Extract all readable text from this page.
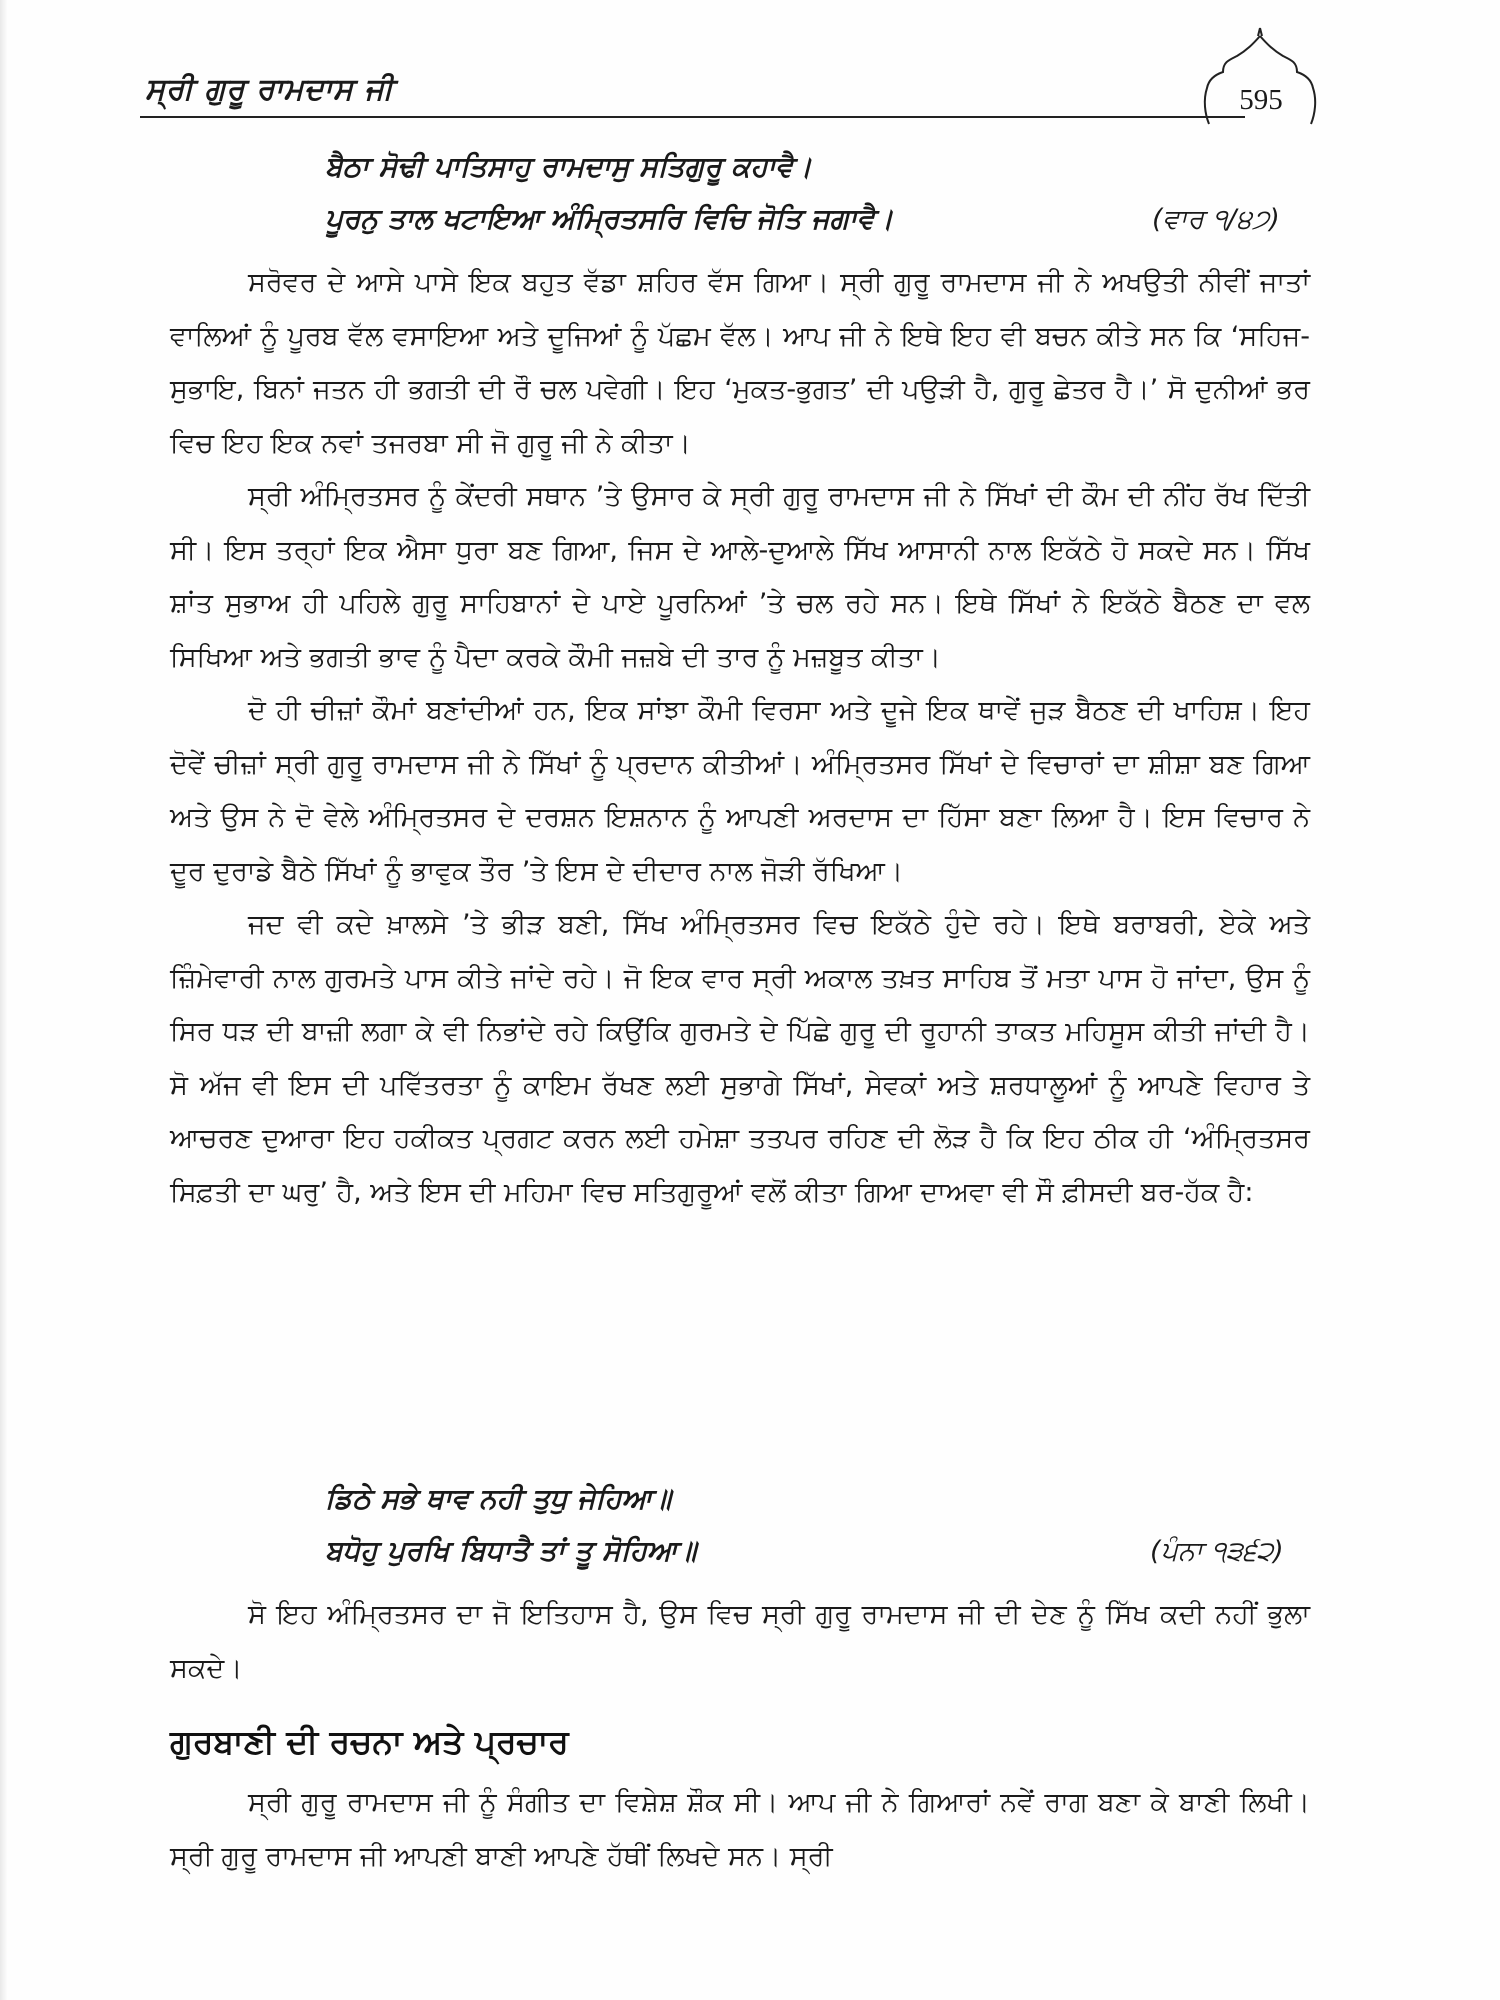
ਸ੍ਰੀ ਗੁਰੂ ਰਾਮਦਾਸ ਜੀ	595
ਬੈਠਾ ਸੋਢੀ ਪਾਤਿਸਾਹੁ ਰਾਮਦਾਸੁ ਸਤਿਗੁਰੂ ਕਹਾਵੈ।
ਪੂਰਨੁ ਤਾਲ ਖਟਾਇਆ ਅੰਮ੍ਰਿਤਸਰਿ ਵਿਚਿ ਜੋਤਿ ਜਗਾਵੈ।	(ਵਾਰ ੧/੪੭)

ਸਰੋਵਰ ਦੇ ਆਸੇ ਪਾਸੇ ਇਕ ਬਹੁਤ ਵੱਡਾ ਸ਼ਹਿਰ ਵੱਸ ਗਿਆ। ਸ੍ਰੀ ਗੁਰੂ ਰਾਮਦਾਸ ਜੀ ਨੇ ਅਖਉਤੀ ਨੀਵੀਂ ਜਾਤਾਂ ਵਾਲਿਆਂ ਨੂੰ ਪੂਰਬ ਵੱਲ ਵਸਾਇਆ ਅਤੇ ਦੂਜਿਆਂ ਨੂੰ ਪੱਛਮ ਵੱਲ। ਆਪ ਜੀ ਨੇ ਇਥੇ ਇਹ ਵੀ ਬਚਨ ਕੀਤੇ ਸਨ ਕਿ ‘ਸਹਿਜ-ਸੁਭਾਇ, ਬਿਨਾਂ ਜਤਨ ਹੀ ਭਗਤੀ ਦੀ ਰੌ ਚਲ ਪਵੇਗੀ। ਇਹ ‘ਮੁਕਤ-ਭੁਗਤ’ ਦੀ ਪਉੜੀ ਹੈ, ਗੁਰੂ ਛੇਤਰ ਹੈ।’ ਸੋ ਦੁਨੀਆਂ ਭਰ ਵਿਚ ਇਹ ਇਕ ਨਵਾਂ ਤਜਰਬਾ ਸੀ ਜੋ ਗੁਰੂ ਜੀ ਨੇ ਕੀਤਾ।

ਸ੍ਰੀ ਅੰਮ੍ਰਿਤਸਰ ਨੂੰ ਕੇਂਦਰੀ ਸਥਾਨ ’ਤੇ ਉਸਾਰ ਕੇ ਸ੍ਰੀ ਗੁਰੂ ਰਾਮਦਾਸ ਜੀ ਨੇ ਸਿੱਖਾਂ ਦੀ ਕੌਮ ਦੀ ਨੀਂਹ ਰੱਖ ਦਿੱਤੀ ਸੀ। ਇਸ ਤਰ੍ਹਾਂ ਇਕ ਐਸਾ ਧੁਰਾ ਬਣ ਗਿਆ, ਜਿਸ ਦੇ ਆਲੇ-ਦੁਆਲੇ ਸਿੱਖ ਆਸਾਨੀ ਨਾਲ ਇਕੱਠੇ ਹੋ ਸਕਦੇ ਸਨ। ਸਿੱਖ ਸ਼ਾਂਤ ਸੁਭਾਅ ਹੀ ਪਹਿਲੇ ਗੁਰੂ ਸਾਹਿਬਾਨਾਂ ਦੇ ਪਾਏ ਪੂਰਨਿਆਂ ’ਤੇ ਚਲ ਰਹੇ ਸਨ। ਇਥੇ ਸਿੱਖਾਂ ਨੇ ਇਕੱਠੇ ਬੈਠਣ ਦਾ ਵਲ ਸਿਖਿਆ ਅਤੇ ਭਗਤੀ ਭਾਵ ਨੂੰ ਪੈਦਾ ਕਰਕੇ ਕੌਮੀ ਜਜ਼ਬੇ ਦੀ ਤਾਰ ਨੂੰ ਮਜ਼ਬੂਤ ਕੀਤਾ।

ਦੋ ਹੀ ਚੀਜ਼ਾਂ ਕੌਮਾਂ ਬਣਾਂਦੀਆਂ ਹਨ, ਇਕ ਸਾਂਝਾ ਕੌਮੀ ਵਿਰਸਾ ਅਤੇ ਦੂਜੇ ਇਕ ਥਾਵੇਂ ਜੁੜ ਬੈਠਣ ਦੀ ਖਾਹਿਸ਼। ਇਹ ਦੋਵੇਂ ਚੀਜ਼ਾਂ ਸ੍ਰੀ ਗੁਰੂ ਰਾਮਦਾਸ ਜੀ ਨੇ ਸਿੱਖਾਂ ਨੂੰ ਪ੍ਰਦਾਨ ਕੀਤੀਆਂ। ਅੰਮ੍ਰਿਤਸਰ ਸਿੱਖਾਂ ਦੇ ਵਿਚਾਰਾਂ ਦਾ ਸ਼ੀਸ਼ਾ ਬਣ ਗਿਆ ਅਤੇ ਉਸ ਨੇ ਦੋ ਵੇਲੇ ਅੰਮ੍ਰਿਤਸਰ ਦੇ ਦਰਸ਼ਨ ਇਸ਼ਨਾਨ ਨੂੰ ਆਪਣੀ ਅਰਦਾਸ ਦਾ ਹਿੱਸਾ ਬਣਾ ਲਿਆ ਹੈ। ਇਸ ਵਿਚਾਰ ਨੇ ਦੂਰ ਦੁਰਾਡੇ ਬੈਠੇ ਸਿੱਖਾਂ ਨੂੰ ਭਾਵੁਕ ਤੌਰ ’ਤੇ ਇਸ ਦੇ ਦੀਦਾਰ ਨਾਲ ਜੋੜੀ ਰੱਖਿਆ।

ਜਦ ਵੀ ਕਦੇ ਖ਼ਾਲਸੇ ’ਤੇ ਭੀੜ ਬਣੀ, ਸਿੱਖ ਅੰਮ੍ਰਿਤਸਰ ਵਿਚ ਇਕੱਠੇ ਹੁੰਦੇ ਰਹੇ। ਇਥੇ ਬਰਾਬਰੀ, ਏਕੇ ਅਤੇ ਜ਼ਿੰਮੇਵਾਰੀ ਨਾਲ ਗੁਰਮਤੇ ਪਾਸ ਕੀਤੇ ਜਾਂਦੇ ਰਹੇ। ਜੋ ਇਕ ਵਾਰ ਸ੍ਰੀ ਅਕਾਲ ਤਖ਼ਤ ਸਾਹਿਬ ਤੋਂ ਮਤਾ ਪਾਸ ਹੋ ਜਾਂਦਾ, ਉਸ ਨੂੰ ਸਿਰ ਧੜ ਦੀ ਬਾਜ਼ੀ ਲਗਾ ਕੇ ਵੀ ਨਿਭਾਂਦੇ ਰਹੇ ਕਿਉਂਕਿ ਗੁਰਮਤੇ ਦੇ ਪਿੱਛੇ ਗੁਰੂ ਦੀ ਰੂਹਾਨੀ ਤਾਕਤ ਮਹਿਸੂਸ ਕੀਤੀ ਜਾਂਦੀ ਹੈ। ਸੋ ਅੱਜ ਵੀ ਇਸ ਦੀ ਪਵਿੱਤਰਤਾ ਨੂੰ ਕਾਇਮ ਰੱਖਣ ਲਈ ਸੁਭਾਗੇ ਸਿੱਖਾਂ, ਸੇਵਕਾਂ ਅਤੇ ਸ਼ਰਧਾਲੂਆਂ ਨੂੰ ਆਪਣੇ ਵਿਹਾਰ ਤੇ ਆਚਰਣ ਦੁਆਰਾ ਇਹ ਹਕੀਕਤ ਪ੍ਰਗਟ ਕਰਨ ਲਈ ਹਮੇਸ਼ਾ ਤਤਪਰ ਰਹਿਣ ਦੀ ਲੋੜ ਹੈ ਕਿ ਇਹ ਠੀਕ ਹੀ ‘ਅੰਮ੍ਰਿਤਸਰ ਸਿਫ਼ਤੀ ਦਾ ਘਰੁ’ ਹੈ, ਅਤੇ ਇਸ ਦੀ ਮਹਿਮਾ ਵਿਚ ਸਤਿਗੁਰੂਆਂ ਵਲੋਂ ਕੀਤਾ ਗਿਆ ਦਾਅਵਾ ਵੀ ਸੌ ਫ਼ੀਸਦੀ ਬਰ-ਹੱਕ ਹੈ:

ਡਿਠੇ ਸਭੇ ਥਾਵ ਨਹੀ ਤੁਧੁ ਜੇਹਿਆ॥
ਬਧੋਹੁ ਪੁਰਖਿ ਬਿਧਾਤੈ ਤਾਂ ਤੂ ਸੋਹਿਆ॥	(ਪੰਨਾ ੧੩੬੨)

ਸੋ ਇਹ ਅੰਮ੍ਰਿਤਸਰ ਦਾ ਜੋ ਇਤਿਹਾਸ ਹੈ, ਉਸ ਵਿਚ ਸ੍ਰੀ ਗੁਰੂ ਰਾਮਦਾਸ ਜੀ ਦੀ ਦੇਣ ਨੂੰ ਸਿੱਖ ਕਦੀ ਨਹੀਂ ਭੁਲਾ ਸਕਦੇ।

ਗੁਰਬਾਣੀ ਦੀ ਰਚਨਾ ਅਤੇ ਪ੍ਰਚਾਰ

ਸ੍ਰੀ ਗੁਰੂ ਰਾਮਦਾਸ ਜੀ ਨੂੰ ਸੰਗੀਤ ਦਾ ਵਿਸ਼ੇਸ਼ ਸ਼ੌਕ ਸੀ। ਆਪ ਜੀ ਨੇ ਗਿਆਰਾਂ ਨਵੇਂ ਰਾਗ ਬਣਾ ਕੇ ਬਾਣੀ ਲਿਖੀ। ਸ੍ਰੀ ਗੁਰੂ ਰਾਮਦਾਸ ਜੀ ਆਪਣੀ ਬਾਣੀ ਆਪਣੇ ਹੱਥੀਂ ਲਿਖਦੇ ਸਨ। ਸ੍ਰੀ
